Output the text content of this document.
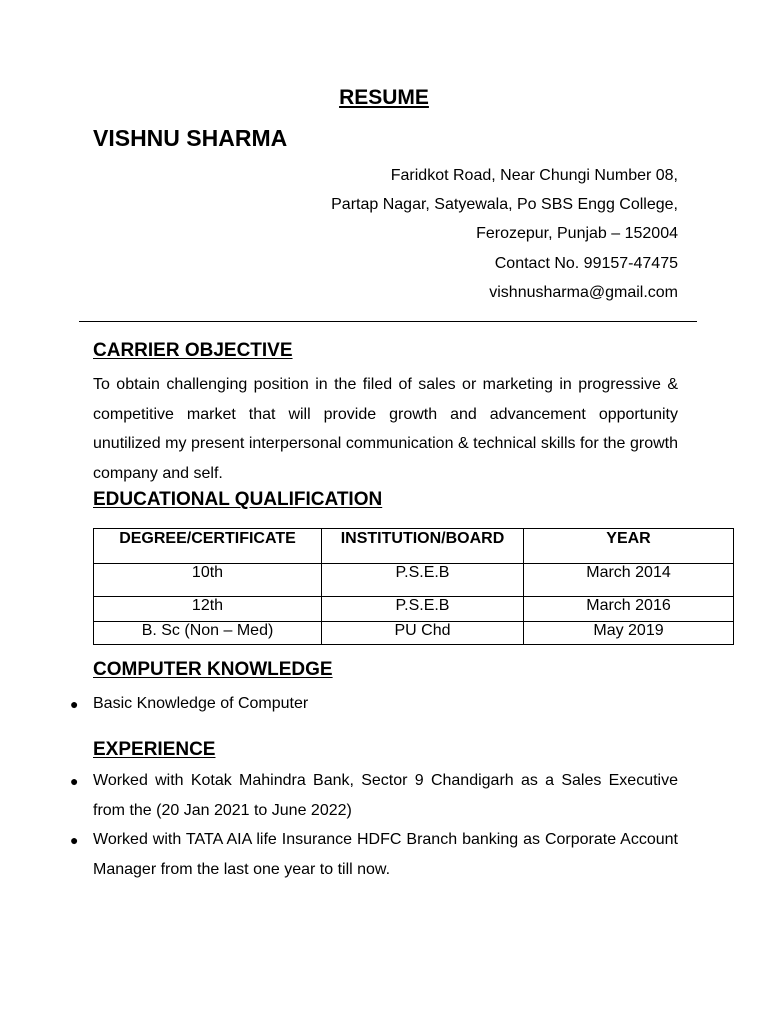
RESUME
VISHNU SHARMA
Faridkot Road, Near Chungi Number 08,
Partap Nagar, Satyewala, Po SBS Engg College,
Ferozepur, Punjab – 152004
Contact No. 99157-47475
vishnusharma@gmail.com
CARRIER OBJECTIVE
To obtain challenging position in the filed of sales or marketing in progressive & competitive market that will provide growth and advancement opportunity unutilized my present interpersonal communication & technical skills for the growth company and self.
EDUCATIONAL QUALIFICATION
DEGREE/CERTIFICATE	INSTITUTION/BOARD	YEAR
10th	P.S.E.B	March 2014
12th	P.S.E.B	March 2016
B. Sc (Non – Med)	PU Chd	May 2019
COMPUTER KNOWLEDGE
● Basic Knowledge of Computer
EXPERIENCE
● Worked with Kotak Mahindra Bank, Sector 9 Chandigarh as a Sales Executive from the (20 Jan 2021 to June 2022)
● Worked with TATA AIA life Insurance HDFC Branch banking as Corporate Account Manager from the last one year to till now.
